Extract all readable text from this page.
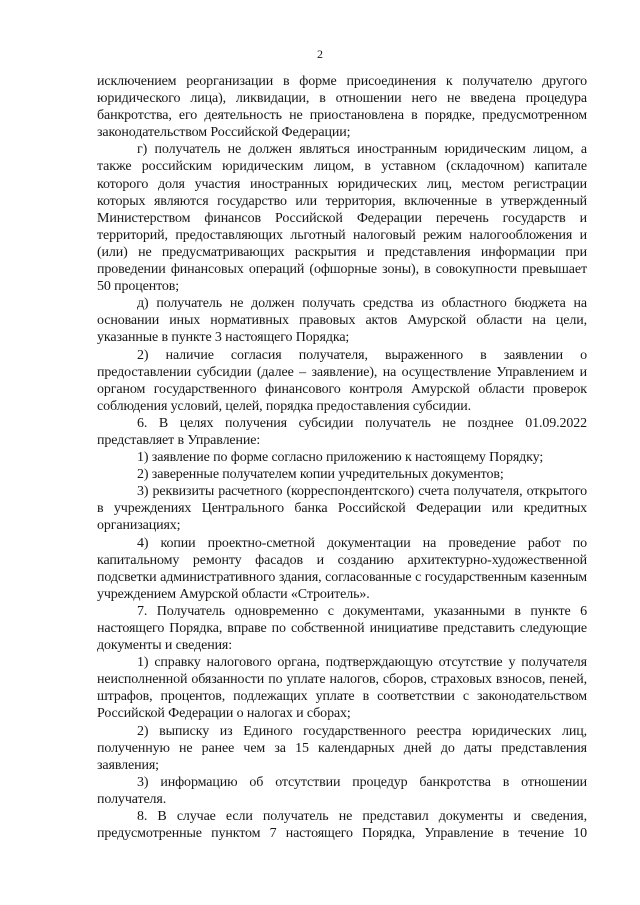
2

исключением реорганизации в форме присоединения к получателю другого юридического лица), ликвидации, в отношении него не введена процедура банкротства, его деятельность не приостановлена в порядке, предусмотренном законодательством Российской Федерации;

г) получатель не должен являться иностранным юридическим лицом, а также российским юридическим лицом, в уставном (складочном) капитале которого доля участия иностранных юридических лиц, местом регистрации которых являются государство или территория, включенные в утвержденный Министерством финансов Российской Федерации перечень государств и территорий, предоставляющих льготный налоговый режим налогообложения и (или) не предусматривающих раскрытия и представления информации при проведении финансовых операций (офшорные зоны), в совокупности превышает 50 процентов;

д) получатель не должен получать средства из областного бюджета на основании иных нормативных правовых актов Амурской области на цели, указанные в пункте 3 настоящего Порядка;

2) наличие согласия получателя, выраженного в заявлении о предоставлении субсидии (далее – заявление), на осуществление Управлением и органом государственного финансового контроля Амурской области проверок соблюдения условий, целей, порядка предоставления субсидии.

6. В целях получения субсидии получатель не позднее 01.09.2022 представляет в Управление:

1) заявление по форме согласно приложению к настоящему Порядку;

2) заверенные получателем копии учредительных документов;

3) реквизиты расчетного (корреспондентского) счета получателя, открытого в учреждениях Центрального банка Российской Федерации или кредитных организациях;

4) копии проектно-сметной документации на проведение работ по капитальному ремонту фасадов и созданию архитектурно-художественной подсветки административного здания, согласованные с государственным казенным учреждением Амурской области «Строитель».

7. Получатель одновременно с документами, указанными в пункте 6 настоящего Порядка, вправе по собственной инициативе представить следующие документы и сведения:

1) справку налогового органа, подтверждающую отсутствие у получателя неисполненной обязанности по уплате налогов, сборов, страховых взносов, пеней, штрафов, процентов, подлежащих уплате в соответствии с законодательством Российской Федерации о налогах и сборах;

2) выписку из Единого государственного реестра юридических лиц, полученную не ранее чем за 15 календарных дней до даты представления заявления;

3) информацию об отсутствии процедур банкротства в отношении получателя.

8. В случае если получатель не представил документы и сведения, предусмотренные пунктом 7 настоящего Порядка, Управление в течение 10
